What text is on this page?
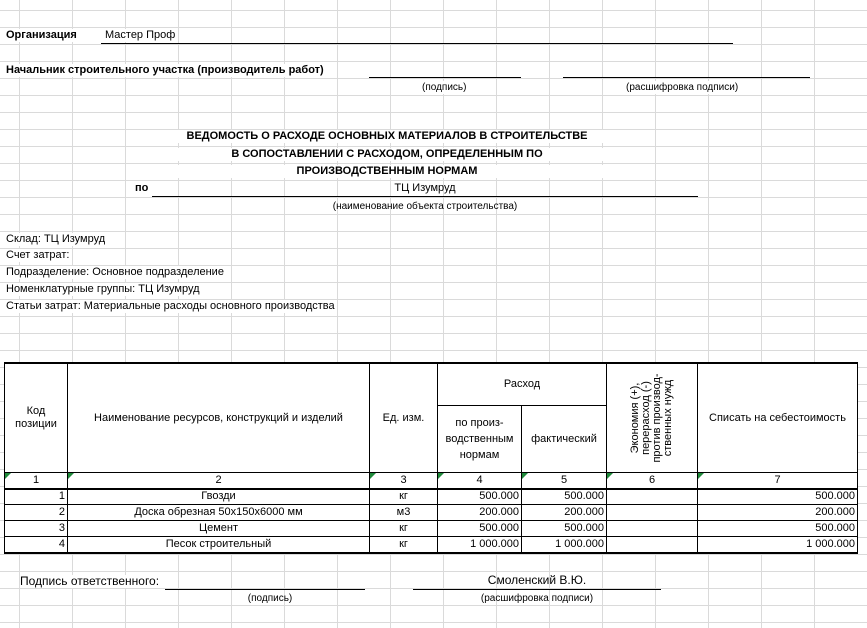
Организация	Мастер Проф
Начальник строительного участка (производитель работ)
(подпись)	(расшифровка подписи)
ВЕДОМОСТЬ О РАСХОДЕ ОСНОВНЫХ МАТЕРИАЛОВ В СТРОИТЕЛЬСТВЕ
В СОПОСТАВЛЕНИИ С РАСХОДОМ, ОПРЕДЕЛЕННЫМ ПО
ПРОИЗВОДСТВЕННЫМ НОРМАМ
по	ТЦ Изумруд
(наименование объекта строительства)
Склад: ТЦ Изумруд
Счет затрат:
Подразделение: Основное подразделение
Номенклатурные группы: ТЦ Изумруд
Статьи затрат: Материальные расходы основного производства
Код позиции	Наименование ресурсов, конструкций и изделий	Ед. изм.	Расход		Экономия (+), перерасход (-) против производ-ственных нужд	Списать на себестоимость
			по произ-водственным нормам	фактический		

1	2	3	4	5	6	7
1	Гвозди	кг	500.000	500.000		500.000
2	Доска обрезная 50х150х6000 мм	м3	200.000	200.000		200.000
3	Цемент	кг	500.000	500.000		500.000
4	Песок строительный	кг	1 000.000	1 000.000		1 000.000
Подпись ответственного:
(подпись)
Смоленский В.Ю.
(расшифровка подписи)
